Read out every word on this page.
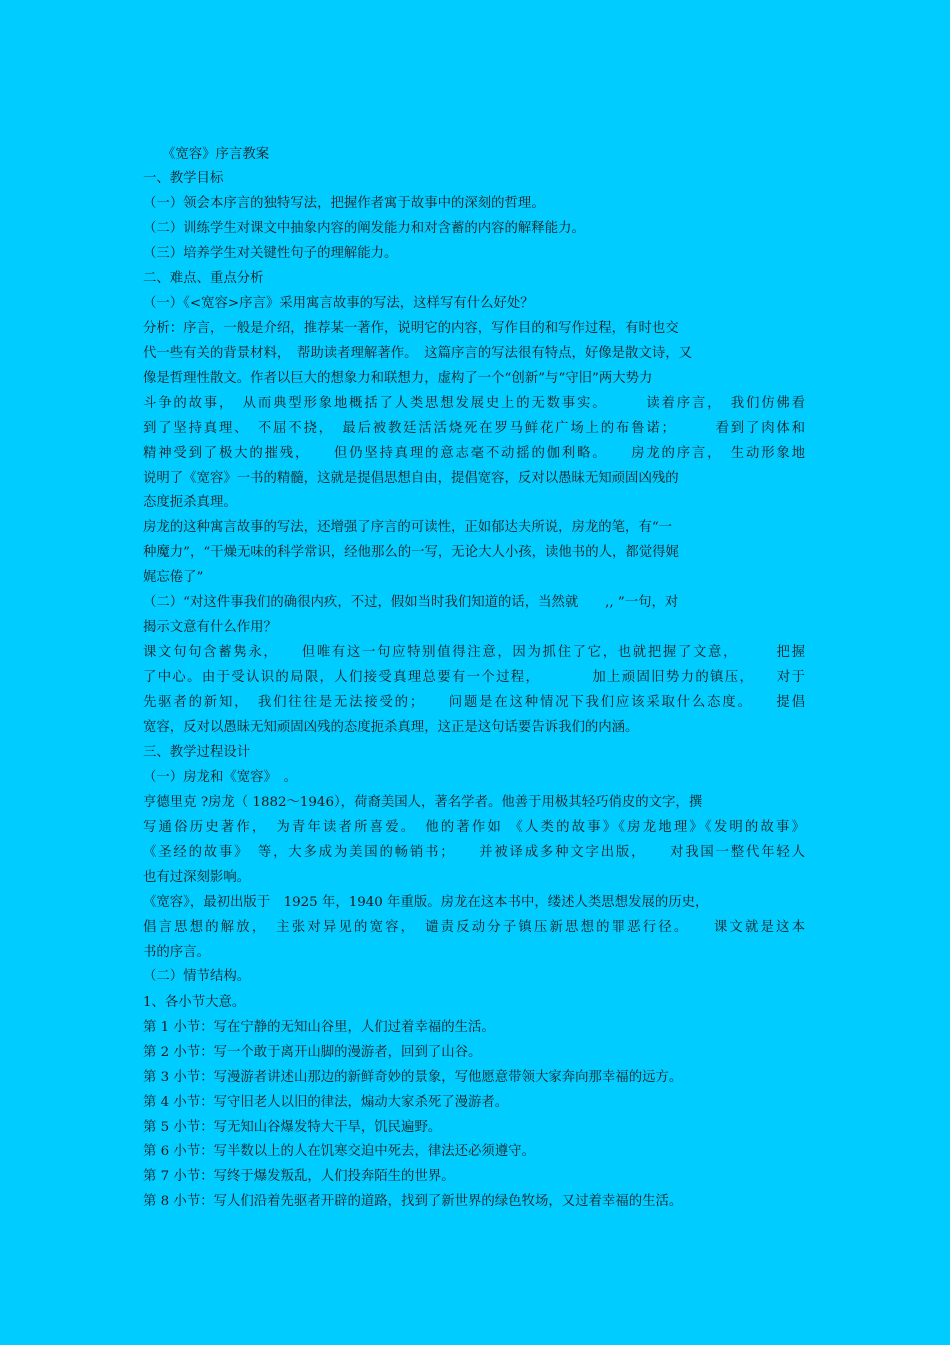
《宽容》序言教案
一、教学目标
（一）领会本序言的独特写法，把握作者寓于故事中的深刻的哲理。
（二）训练学生对课文中抽象内容的阐发能力和对含蓄的内容的解释能力。
（三）培养学生对关键性句子的理解能力。
二、难点、重点分析
（一）《<宽容>序言》采用寓言故事的写法，这样写有什么好处？
分析：序言，一般是介绍，推荐某一著作，说明它的内容，写作目的和写作过程，有时也交
代一些有关的背景材料，　帮助读者理解著作。　这篇序言的写法很有特点，好像是散文诗，又
像是哲理性散文。作者以巨大的想象力和联想力，虚构了一个“创新”与“守旧”两大势力
斗争的故事，　从而典型形象地概括了人类思想发展史上的无数事实。　　　读着序言，　我们仿佛看
到了坚持真理、　不屈不挠，　最后被教廷活活烧死在罗马鲜花广场上的布鲁诺；　　　看到了肉体和
精神受到了极大的摧残，　　但仍坚持真理的意志毫不动摇的伽利略。　　房龙的序言，　生动形象地
说明了《宽容》一书的精髓，这就是提倡思想自由，提倡宽容，反对以愚昧无知顽固凶残的
态度扼杀真理。
房龙的这种寓言故事的写法，还增强了序言的可读性，正如郁达夫所说，房龙的笔，有“一
种魔力”，“干燥无味的科学常识，经他那么的一写，无论大人小孩，读他书的人，都觉得娓
娓忘倦了”
（二）“对这件事我们的确很内疚，不过，假如当时我们知道的话，当然就　　,, ”一句，对
揭示文意有什么作用？
课文句句含蓄隽永，　　但唯有这一句应特别值得注意，因为抓住了它，也就把握了文意，　　　把握
了中心。由于受认识的局限，人们接受真理总要有一个过程，　　　　加上顽固旧势力的镇压，　　对于
先驱者的新知，　我们往往是无法接受的；　　问题是在这种情况下我们应该采取什么态度。　　提倡
宽容，反对以愚昧无知顽固凶残的态度扼杀真理，这正是这句话要告诉我们的内涵。
三、教学过程设计
（一）房龙和《宽容》　。
亨德里克 ?房龙（ 1882～1946），荷裔美国人，著名学者。他善于用极其轻巧俏皮的文字，撰
写通俗历史著作，　为青年读者所喜爱。　他的著作如 《人类的故事》《房龙地理》《发明的故事》
《圣经的故事》　等，大多成为美国的畅销书；　　并被译成多种文字出版，　　对我国一整代年轻人
也有过深刻影响。
《宽容》，最初出版于　1925 年，1940 年重版。房龙在这本书中，缕述人类思想发展的历史，
倡言思想的解放，　主张对异见的宽容，　谴责反动分子镇压新思想的罪恶行径。　　课文就是这本
书的序言。
（二）情节结构。
1、各小节大意。
第 1 小节：写在宁静的无知山谷里，人们过着幸福的生活。
第 2 小节：写一个敢于离开山脚的漫游者，回到了山谷。
第 3 小节：写漫游者讲述山那边的新鲜奇妙的景象，写他愿意带领大家奔向那幸福的远方。
第 4 小节：写守旧老人以旧的律法，煽动大家杀死了漫游者。
第 5 小节：写无知山谷爆发特大干旱，饥民遍野。
第 6 小节：写半数以上的人在饥寒交迫中死去，律法还必须遵守。
第 7 小节：写终于爆发叛乱，人们投奔陌生的世界。
第 8 小节：写人们沿着先驱者开辟的道路，找到了新世界的绿色牧场，又过着幸福的生活。
